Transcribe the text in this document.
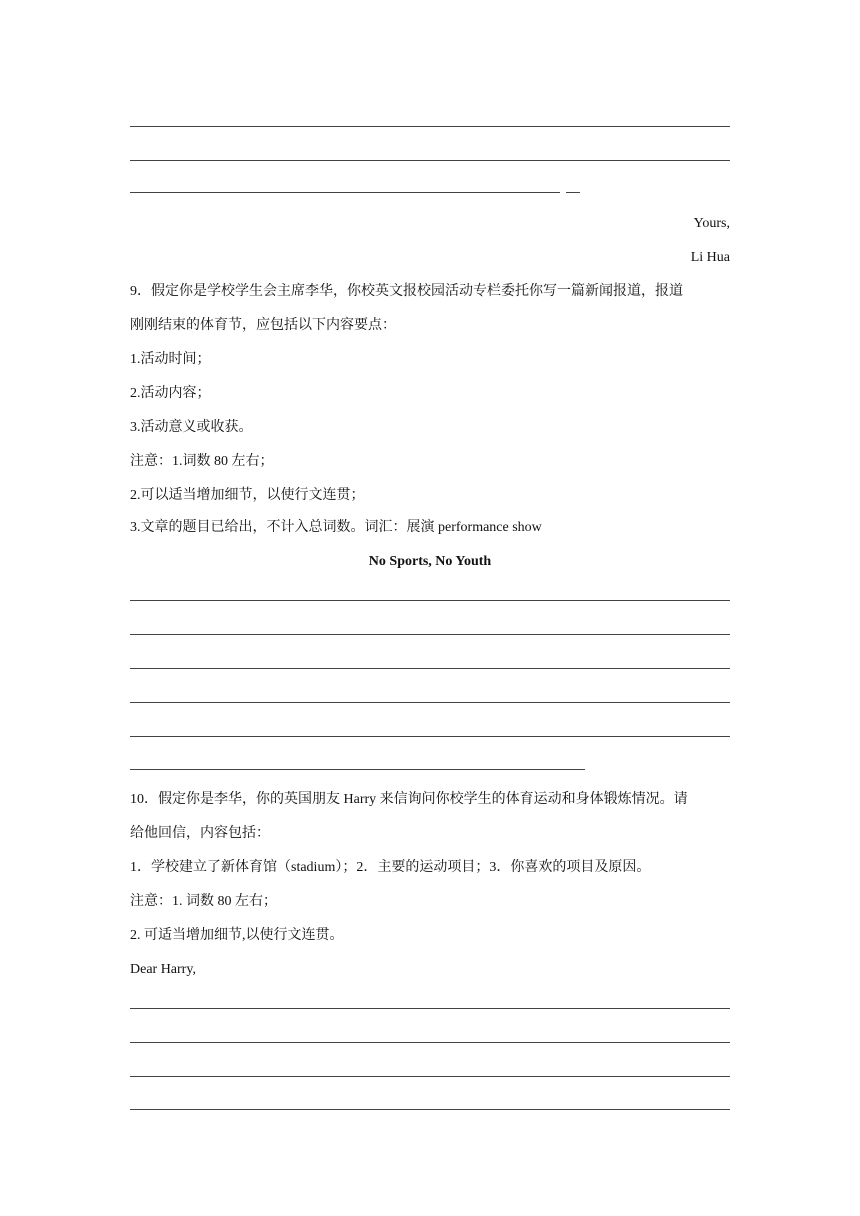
Yours,
Li Hua
9．假定你是学校学生会主席李华，你校英文报校园活动专栏委托你写一篇新闻报道，报道
刚刚结束的体育节，应包括以下内容要点：
1.活动时间；
2.活动内容；
3.活动意义或收获。
注意：1.词数 80 左右；
2.可以适当增加细节，以使行文连贯；
3.文章的题目已给出，不计入总词数。词汇：展演 performance show
No Sports, No Youth
10．假定你是李华，你的英国朋友 Harry 来信询问你校学生的体育运动和身体锻炼情况。请
给他回信，内容包括：
1．学校建立了新体育馆（stadium）；2．主要的运动项目；3．你喜欢的项目及原因。
注意：1. 词数 80 左右；
2. 可适当增加细节,以使行文连贯。
Dear Harry,
